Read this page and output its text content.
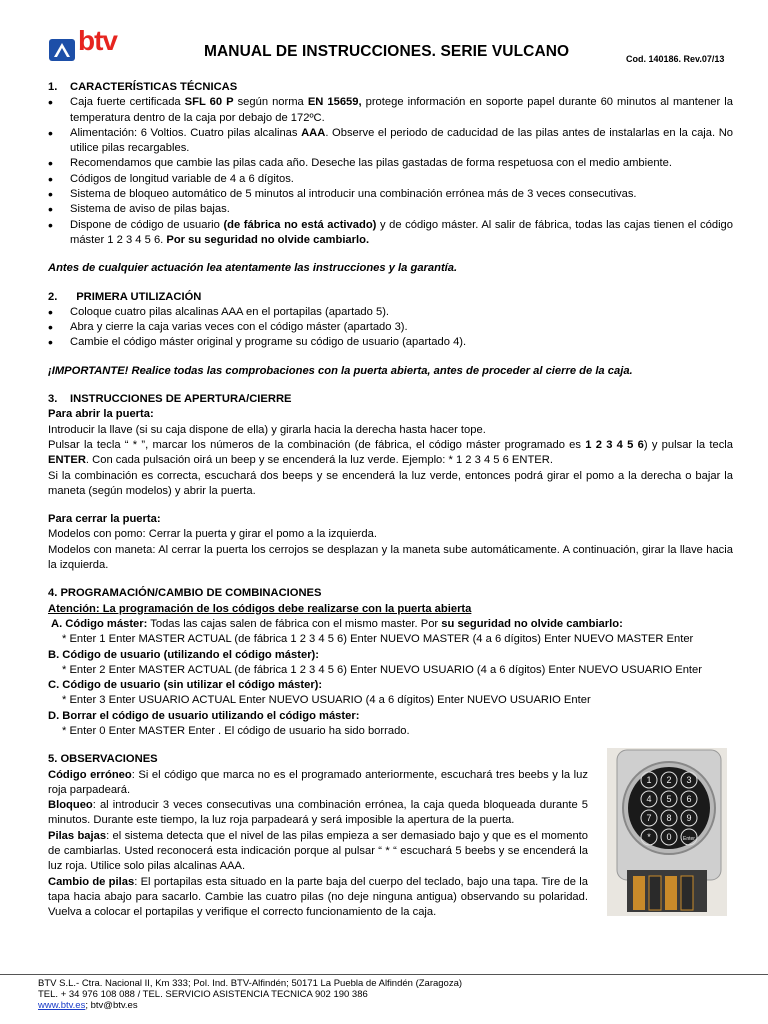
btv	MANUAL DE INSTRUCCIONES. SERIE VULCANO	Cod. 140186. Rev.07/13
1. CARACTERÍSTICAS TÉCNICAS
• Caja fuerte certificada SFL 60 P según norma EN 15659, protege información en soporte papel durante 60 minutos al mantener la temperatura dentro de la caja por debajo de 172ºC.
• Alimentación: 6 Voltios. Cuatro pilas alcalinas AAA. Observe el periodo de caducidad de las pilas antes de instalarlas en la caja. No utilice pilas recargables.
• Recomendamos que cambie las pilas cada año. Deseche las pilas gastadas de forma respetuosa con el medio ambiente.
• Códigos de longitud variable de 4 a 6 dígitos.
• Sistema de bloqueo automático de 5 minutos al introducir una combinación errónea más de 3 veces consecutivas.
• Sistema de aviso de pilas bajas.
• Dispone de código de usuario (de fábrica no está activado) y de código máster. Al salir de fábrica, todas las cajas tienen el código máster 1 2 3 4 5 6. Por su seguridad no olvide cambiarlo.

Antes de cualquier actuación lea atentamente las instrucciones y la garantía.

2. PRIMERA UTILIZACIÓN
• Coloque cuatro pilas alcalinas AAA en el portapilas (apartado 5).
• Abra y cierre la caja varias veces con el código máster (apartado 3).
• Cambie el código máster original y programe su código de usuario (apartado 4).

¡IMPORTANTE! Realice todas las comprobaciones con la puerta abierta, antes de proceder al cierre de la caja.

3. INSTRUCCIONES DE APERTURA/CIERRE

Para abrir la puerta:

Introducir la llave (si su caja dispone de ella) y girarla hacia la derecha hasta hacer tope.

Pulsar la tecla “ * ”, marcar los números de la combinación (de fábrica, el código máster programado es 1 2 3 4 5 6) y pulsar la tecla ENTER. Con cada pulsación oirá un beep y se encenderá la luz verde. Ejemplo: * 1 2 3 4 5 6 ENTER.

Si la combinación es correcta, escuchará dos beeps y se encenderá la luz verde, entonces podrá girar el pomo a la derecha o bajar la maneta (según modelos) y abrir la puerta.

Para cerrar la puerta:

Modelos con pomo: Cerrar la puerta y girar el pomo a la izquierda.

Modelos con maneta: Al cerrar la puerta los cerrojos se desplazan y la maneta sube automáticamente. A continuación, girar la llave hacia la izquierda.

4. PROGRAMACIÓN/CAMBIO DE COMBINACIONES

Atención: La programación de los códigos debe realizarse con la puerta abierta

A. Código máster: Todas las cajas salen de fábrica con el mismo master. Por su seguridad no olvide cambiarlo:

* Enter 1 Enter MASTER ACTUAL (de fábrica 1 2 3 4 5 6) Enter NUEVO MASTER (4 a 6 dígitos) Enter NUEVO MASTER Enter

B. Código de usuario (utilizando el código máster):

* Enter 2 Enter MASTER ACTUAL (de fábrica 1 2 3 4 5 6) Enter NUEVO USUARIO (4 a 6 dígitos) Enter NUEVO USUARIO Enter

C. Código de usuario (sin utilizar el código máster):

* Enter 3 Enter USUARIO ACTUAL Enter NUEVO USUARIO (4 a 6 dígitos) Enter NUEVO USUARIO Enter

D. Borrar el código de usuario utilizando el código máster:

* Enter 0 Enter MASTER Enter . El código de usuario ha sido borrado.

5. OBSERVACIONES

Código erróneo: Si el código que marca no es el programado anteriormente, escuchará tres beebs y la luz roja parpadeará.

Bloqueo: al introducir 3 veces consecutivas una combinación errónea, la caja queda bloqueada durante 5 minutos. Durante este tiempo, la luz roja parpadeará y será imposible la apertura de la puerta.

Pilas bajas: el sistema detecta que el nivel de las pilas empieza a ser demasiado bajo y que es el momento de cambiarlas. Usted reconocerá esta indicación porque al pulsar “ * “ escuchará 5 beebs y se encenderá la luz roja. Utilice solo pilas alcalinas AAA.

Cambio de pilas: El portapilas esta situado en la parte baja del cuerpo del teclado, bajo una tapa. Tire de la tapa hacia abajo para sacarlo. Cambie las cuatro pilas (no deje ninguna antigua) observando su polaridad. Vuelva a colocar el portapilas y verifique el correcto funcionamiento de la caja.

1 2 3
4 5 6
7 8 9
* 0 Enter
BTV S.L.- Ctra. Nacional II, Km 333; Pol. Ind. BTV-Alfindén; 50171 La Puebla de Alfindén (Zaragoza)
TEL. + 34 976 108 088 / TEL. SERVICIO ASISTENCIA TECNICA 902 190 386
www.btv.es; btv@btv.es
